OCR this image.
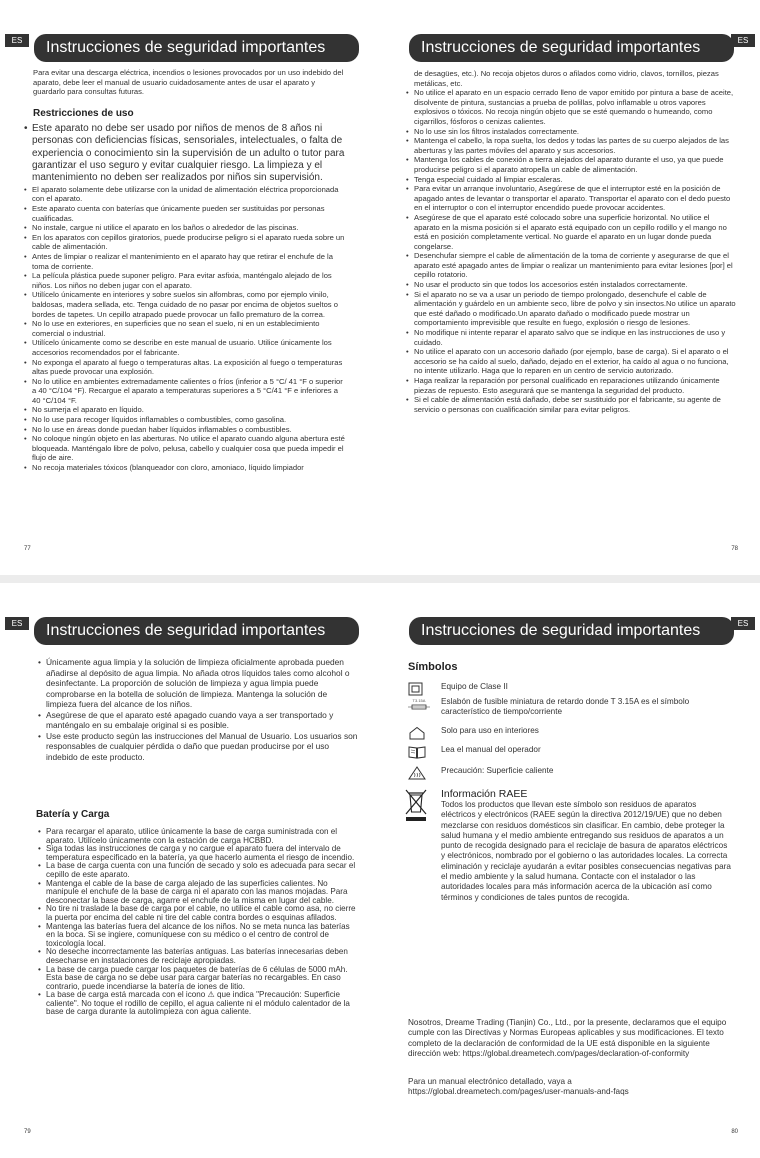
ES	Instrucciones de seguridad importantes

Para evitar una descarga eléctrica, incendios o lesiones provocados por un uso indebido del aparato, debe leer el manual de usuario cuidadosamente antes de usar el aparato y guardarlo para consultas futuras.

Restricciones de uso
• Este aparato no debe ser usado por niños de menos de 8 años ni personas con deficiencias físicas, sensoriales, intelectuales, o falta de experiencia o conocimiento sin la supervisión de un adulto o tutor para garantizar el uso seguro y evitar cualquier riesgo. La limpieza y el mantenimiento no deben ser realizados por niños sin supervisión.
• El aparato solamente debe utilizarse con la unidad de alimentación eléctrica proporcionada con el aparato.
• Este aparato cuenta con baterías que únicamente pueden ser sustituidas por personas cualificadas.
• No instale, cargue ni utilice el aparato en los baños o alrededor de las piscinas.
• En los aparatos con cepillos giratorios, puede producirse peligro si el aparato rueda sobre un cable de alimentación.
• Antes de limpiar o realizar el mantenimiento en el aparato hay que retirar el enchufe de la toma de corriente.
• La película plástica puede suponer peligro. Para evitar asfixia, manténgalo alejado de los niños. Los niños no deben jugar con el aparato.
• Utilícelo únicamente en interiores y sobre suelos sin alfombras, como por ejemplo vinilo, baldosas, madera sellada, etc. Tenga cuidado de no pasar por encima de objetos sueltos o bordes de tapetes. Un cepillo atrapado puede provocar un fallo prematuro de la correa.
• No lo use en exteriores, en superficies que no sean el suelo, ni en un establecimiento comercial o industrial.
• Utilícelo únicamente como se describe en este manual de usuario. Utilice únicamente los accesorios recomendados por el fabricante.
• No exponga el aparato al fuego o temperaturas altas. La exposición al fuego o temperaturas altas puede provocar una explosión.
• No lo utilice en ambientes extremadamente calientes o fríos (inferior a 5 °C/ 41 °F o superior a 40 °C/104 °F). Recargue el aparato a temperaturas superiores a 5 °C/41 °F e inferiores a 40 °C/104 °F.
• No sumerja el aparato en líquido.
• No lo use para recoger líquidos inflamables o combustibles, como gasolina.
• No lo use en áreas donde puedan haber líquidos inflamables o combustibles.
• No coloque ningún objeto en las aberturas. No utilice el aparato cuando alguna abertura esté bloqueada. Manténgalo libre de polvo, pelusa, cabello y cualquier cosa que pueda impedir el flujo de aire.
• No recoja materiales tóxicos (blanqueador con cloro, amoniaco, líquido limpiador
77
ES
Instrucciones de seguridad importantes
de desagües, etc.). No recoja objetos duros o afilados como vidrio, clavos, tornillos, piezas metálicas, etc.
• No utilice el aparato en un espacio cerrado lleno de vapor emitido por pintura a base de aceite, disolvente de pintura, sustancias a prueba de polillas, polvo inflamable u otros vapores explosivos o tóxicos. No recoja ningún objeto que se esté quemando o humeando, como cigarrillos, fósforos o cenizas calientes.
• No lo use sin los filtros instalados correctamente.
• Mantenga el cabello, la ropa suelta, los dedos y todas las partes de su cuerpo alejados de las aberturas y las partes móviles del aparato y sus accesorios.
• Mantenga los cables de conexión a tierra alejados del aparato durante el uso, ya que puede producirse peligro si el aparato atropella un cable de alimentación.
• Tenga especial cuidado al limpiar escaleras.
• Para evitar un arranque involuntario, Asegúrese de que el interruptor esté en la posición de apagado antes de levantar o transportar el aparato. Transportar el aparato con el dedo puesto en el interruptor o con el interruptor encendido puede provocar accidentes.
• Asegúrese de que el aparato esté colocado sobre una superficie horizontal. No utilice el aparato en la misma posición si el aparato está equipado con un cepillo rodillo y el mango no está en posición completamente vertical. No guarde el aparato en un lugar donde pueda congelarse.
• Desenchufar siempre el cable de alimentación de la toma de corriente y asegurarse de que el aparato esté apagado antes de limpiar o realizar un mantenimiento para evitar lesiones [por] el cepillo rotatorio.
• No usar el producto sin que todos los accesorios estén instalados correctamente.
• Si el aparato no se va a usar un periodo de tiempo prolongado, desenchufe el cable de alimentación y guárdelo en un ambiente seco, libre de polvo y sin insectos.No utilice un aparato que esté dañado o modificado.Un aparato dañado o modificado puede mostrar un comportamiento imprevisible que resulte en fuego, explosión o riesgo de lesiones.
• No modifique ni intente reparar el aparato salvo que se indique en las instrucciones de uso y cuidado.
• No utilice el aparato con un accesorio dañado (por ejemplo, base de carga). Si el aparato o el accesorio se ha caído al suelo, dañado, dejado en el exterior, ha caído al agua o no funciona, no intente utilizarlo. Haga que lo reparen en un centro de servicio autorizado.
• Haga realizar la reparación por personal cualificado en reparaciones utilizando únicamente piezas de repuesto. Esto asegurará que se mantenga la seguridad del producto.
• Si el cable de alimentación está dañado, debe ser sustituido por el fabricante, su agente de servicio o personas con cualificación similar para evitar peligros.
78
ES	Instrucciones de seguridad importantes
• Únicamente agua limpia y la solución de limpieza oficialmente aprobada pueden añadirse al depósito de agua limpia. No añada otros líquidos tales como alcohol o desinfectante. La proporción de solución de limpieza y agua limpia puede comprobarse en la botella de solución de limpieza. Mantenga la solución de limpieza fuera del alcance de los niños.
• Asegúrese de que el aparato esté apagado cuando vaya a ser transportado y manténgalo en su embalaje original si es posible.
• Use este producto según las instrucciones del Manual de Usuario. Los usuarios son responsables de cualquier pérdida o daño que puedan producirse por el uso indebido de este producto.
Batería y Carga
• Para recargar el aparato, utilice únicamente la base de carga suministrada con el aparato. Utilícelo únicamente con la estación de carga HCBBD.
• Siga todas las instrucciones de carga y no cargue el aparato fuera del intervalo de temperatura especificado en la batería, ya que hacerlo aumenta el riesgo de incendio.
• La base de carga cuenta con una función de secado y solo es adecuada para secar el cepillo de este aparato.
• Mantenga el cable de la base de carga alejado de las superficies calientes. No manipule el enchufe de la base de carga ni el aparato con las manos mojadas. Para desconectar la base de carga, agarre el enchufe de la misma en lugar del cable.
• No tire ni traslade la base de carga por el cable, no utilice el cable como asa, no cierre la puerta por encima del cable ni tire del cable contra bordes o esquinas afilados.
• Mantenga las baterías fuera del alcance de los niños. No se meta nunca las baterías en la boca. Si se ingiere, comuníquese con su médico o el centro de control de toxicología local.
• No deseche incorrectamente las baterías antiguas. Las baterías innecesarias deben desecharse en instalaciones de reciclaje apropiadas.
• La base de carga puede cargar los paquetes de baterías de 6 células de 5000 mAh. Esta base de carga no se debe usar para cargar baterías no recargables. En caso contrario, puede incendiarse la batería de iones de litio.
• La base de carga está marcada con el icono ⚠ que indica "Precaución: Superficie caliente". No toque el rodillo de cepillo, el agua caliente ni el módulo calentador de la base de carga durante la autolimpieza con agua caliente.
79
ES
Instrucciones de seguridad importantes
Símbolos
Equipo de Clase II
T3.15A Eslabón de fusible miniatura de retardo donde T 3.15A es el símbolo característico de tiempo/corriente
Solo para uso en interiores
Lea el manual del operador
Precaución: Superficie caliente
Información RAEE
Todos los productos que llevan este símbolo son residuos de aparatos eléctricos y electrónicos (RAEE según la directiva 2012/19/UE) que no deben mezclarse con residuos domésticos sin clasificar. En cambio, debe proteger la salud humana y el medio ambiente entregando sus residuos de aparatos a un punto de recogida designado para el reciclaje de basura de aparatos eléctricos y electrónicos, nombrado por el gobierno o las autoridades locales. La correcta eliminación y reciclaje ayudarán a evitar posibles consecuencias negativas para el medio ambiente y la salud humana. Contacte con el instalador o las autoridades locales para más información acerca de la ubicación así como términos y condiciones de tales puntos de recogida.

Nosotros, Dreame Trading (Tianjin) Co., Ltd., por la presente, declaramos que el equipo cumple con las Directivas y Normas Europeas aplicables y sus modificaciones. El texto completo de la declaración de conformidad de la UE está disponible en la siguiente dirección web: https://global.dreametech.com/pages/declaration-of-conformity

Para un manual electrónico detallado, vaya a https://global.dreametech.com/pages/user-manuals-and-faqs

80
